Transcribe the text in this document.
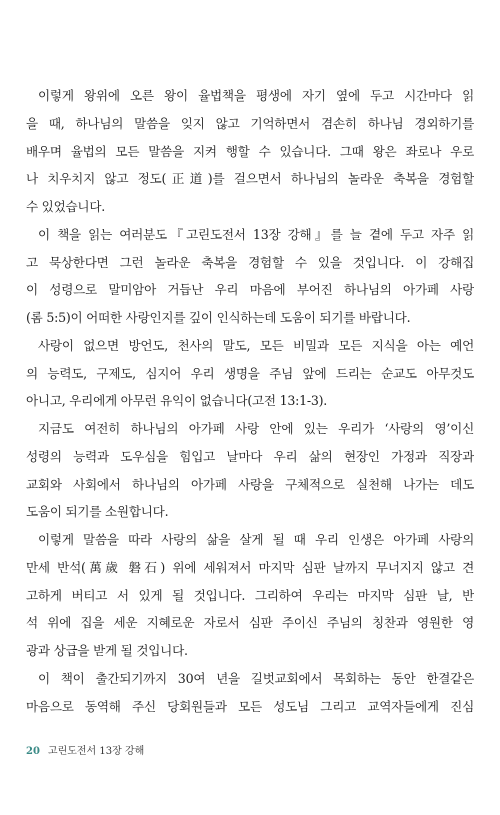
이렇게 왕위에 오른 왕이 율법책을 평생에 자기 옆에 두고 시간마다 읽
을 때, 하나님의 말씀을 잊지 않고 기억하면서 겸손히 하나님 경외하기를
배우며 율법의 모든 말씀을 지켜 행할 수 있습니다. 그때 왕은 좌로나 우로
나 치우치지 않고 정도(正道)를 걸으면서 하나님의 놀라운 축복을 경험할
수 있었습니다.
이 책을 읽는 여러분도『고린도전서 13장 강해』를 늘 곁에 두고 자주 읽
고 묵상한다면 그런 놀라운 축복을 경험할 수 있을 것입니다. 이 강해집
이 성령으로 말미암아 거듭난 우리 마음에 부어진 하나님의 아가페 사랑
(롬 5:5)이 어떠한 사랑인지를 깊이 인식하는데 도움이 되기를 바랍니다.
사랑이 없으면 방언도, 천사의 말도, 모든 비밀과 모든 지식을 아는 예언
의 능력도, 구제도, 심지어 우리 생명을 주님 앞에 드리는 순교도 아무것도
아니고, 우리에게 아무런 유익이 없습니다(고전 13:1-3).
지금도 여전히 하나님의 아가페 사랑 안에 있는 우리가 ‘사랑의 영’이신
성령의 능력과 도우심을 힘입고 날마다 우리 삶의 현장인 가정과 직장과
교회와 사회에서 하나님의 아가페 사랑을 구체적으로 실천해 나가는 데도
도움이 되기를 소원합니다.
이렇게 말씀을 따라 사랑의 삶을 살게 될 때 우리 인생은 아가페 사랑의
만세 반석(萬歲 磐石) 위에 세워져서 마지막 심판 날까지 무너지지 않고 견
고하게 버티고 서 있게 될 것입니다. 그리하여 우리는 마지막 심판 날, 반
석 위에 집을 세운 지혜로운 자로서 심판 주이신 주님의 칭찬과 영원한 영
광과 상급을 받게 될 것입니다.
이 책이 출간되기까지 30여 년을 길벗교회에서 목회하는 동안 한결같은
마음으로 동역해 주신 당회원들과 모든 성도님 그리고 교역자들에게 진심
20 고린도전서 13장 강해
